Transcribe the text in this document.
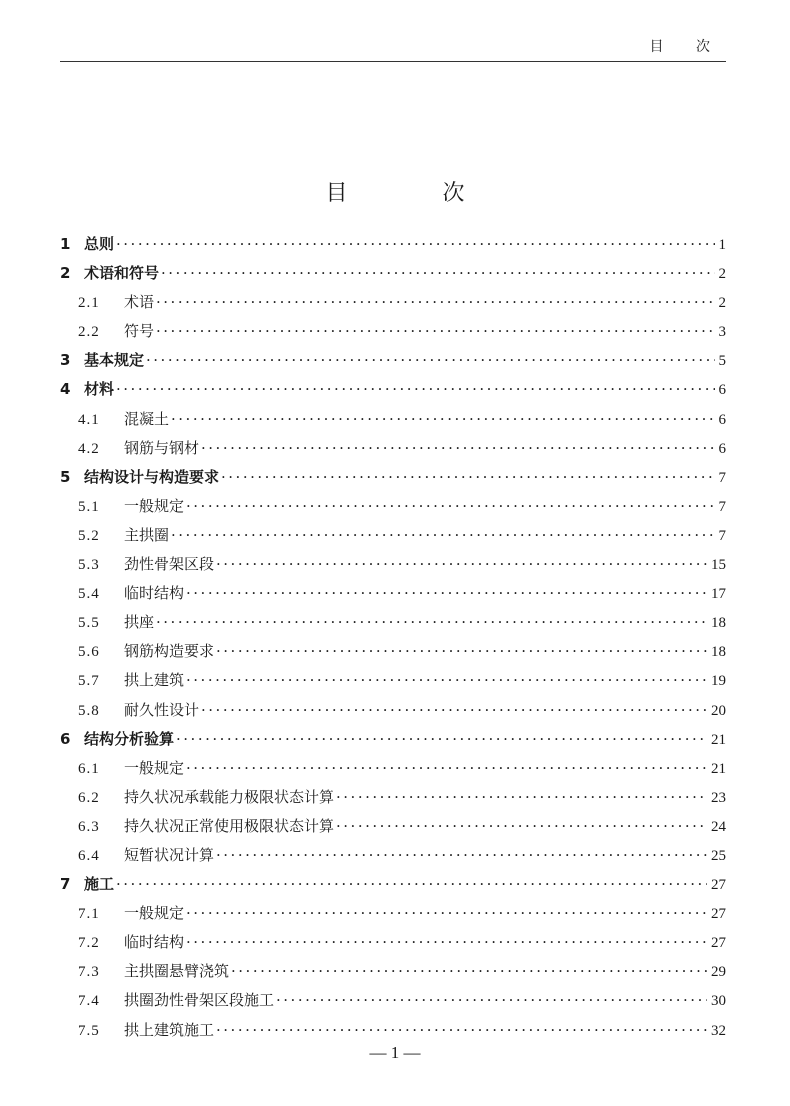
目 次
目 次
1 总则 ·····	1
2 术语和符号 ·····	2
2.1	术语 ·····	2
2.2	符号 ·····	3
3 基本规定 ·····	5
4 材料 ·····	6
4.1	混凝土 ·····	6
4.2	钢筋与钢材 ·····	6
5 结构设计与构造要求 ·····	7
5.1	一般规定 ·····	7
5.2	主拱圈 ·····	7
5.3	劲性骨架区段 ·····	15
5.4	临时结构 ·····	17
5.5	拱座 ·····	18
5.6	钢筋构造要求 ·····	18
5.7	拱上建筑 ·····	19
5.8	耐久性设计 ·····	20
6 结构分析验算 ·····	21
6.1	一般规定 ·····	21
6.2	持久状况承载能力极限状态计算 ·····	23
6.3	持久状况正常使用极限状态计算 ·····	24
6.4	短暂状况计算 ·····	25
7 施工 ·····	27
7.1	一般规定 ·····	27
7.2	临时结构 ·····	27
7.3	主拱圈悬臂浇筑 ·····	29
7.4	拱圈劲性骨架区段施工 ·····	30
7.5	拱上建筑施工 ·····	32
— 1 —
